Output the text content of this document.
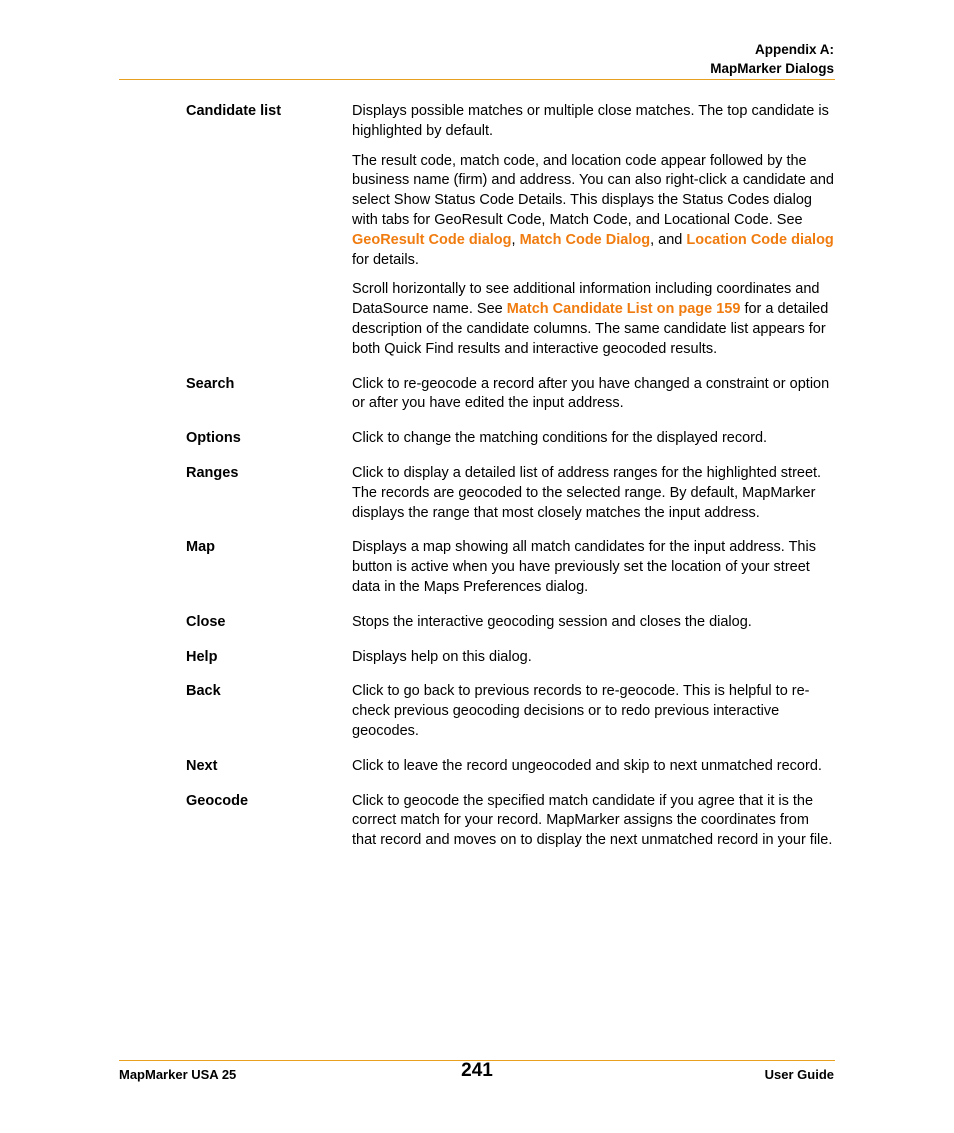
Appendix A:
MapMarker Dialogs
Candidate list	Displays possible matches or multiple close matches. The top candidate is highlighted by default.

The result code, match code, and location code appear followed by the business name (firm) and address. You can also right-click a candidate and select Show Status Code Details. This displays the Status Codes dialog with tabs for GeoResult Code, Match Code, and Locational Code. See GeoResult Code dialog, Match Code Dialog, and Location Code dialog for details.

Scroll horizontally to see additional information including coordinates and DataSource name. See Match Candidate List on page 159 for a detailed description of the candidate columns. The same candidate list appears for both Quick Find results and interactive geocoded results.

Search	Click to re-geocode a record after you have changed a constraint or option or after you have edited the input address.
Options	Click to change the matching conditions for the displayed record.
Ranges	Click to display a detailed list of address ranges for the highlighted street. The records are geocoded to the selected range. By default, MapMarker displays the range that most closely matches the input address.
Map	Displays a map showing all match candidates for the input address. This button is active when you have previously set the location of your street data in the Maps Preferences dialog.
Close	Stops the interactive geocoding session and closes the dialog.
Help	Displays help on this dialog.
Back	Click to go back to previous records to re-geocode. This is helpful to re-check previous geocoding decisions or to redo previous interactive geocodes.
Next	Click to leave the record ungeocoded and skip to next unmatched record.
Geocode	Click to geocode the specified match candidate if you agree that it is the correct match for your record. MapMarker assigns the coordinates from that record and moves on to display the next unmatched record in your file.
MapMarker USA 25	241	User Guide
